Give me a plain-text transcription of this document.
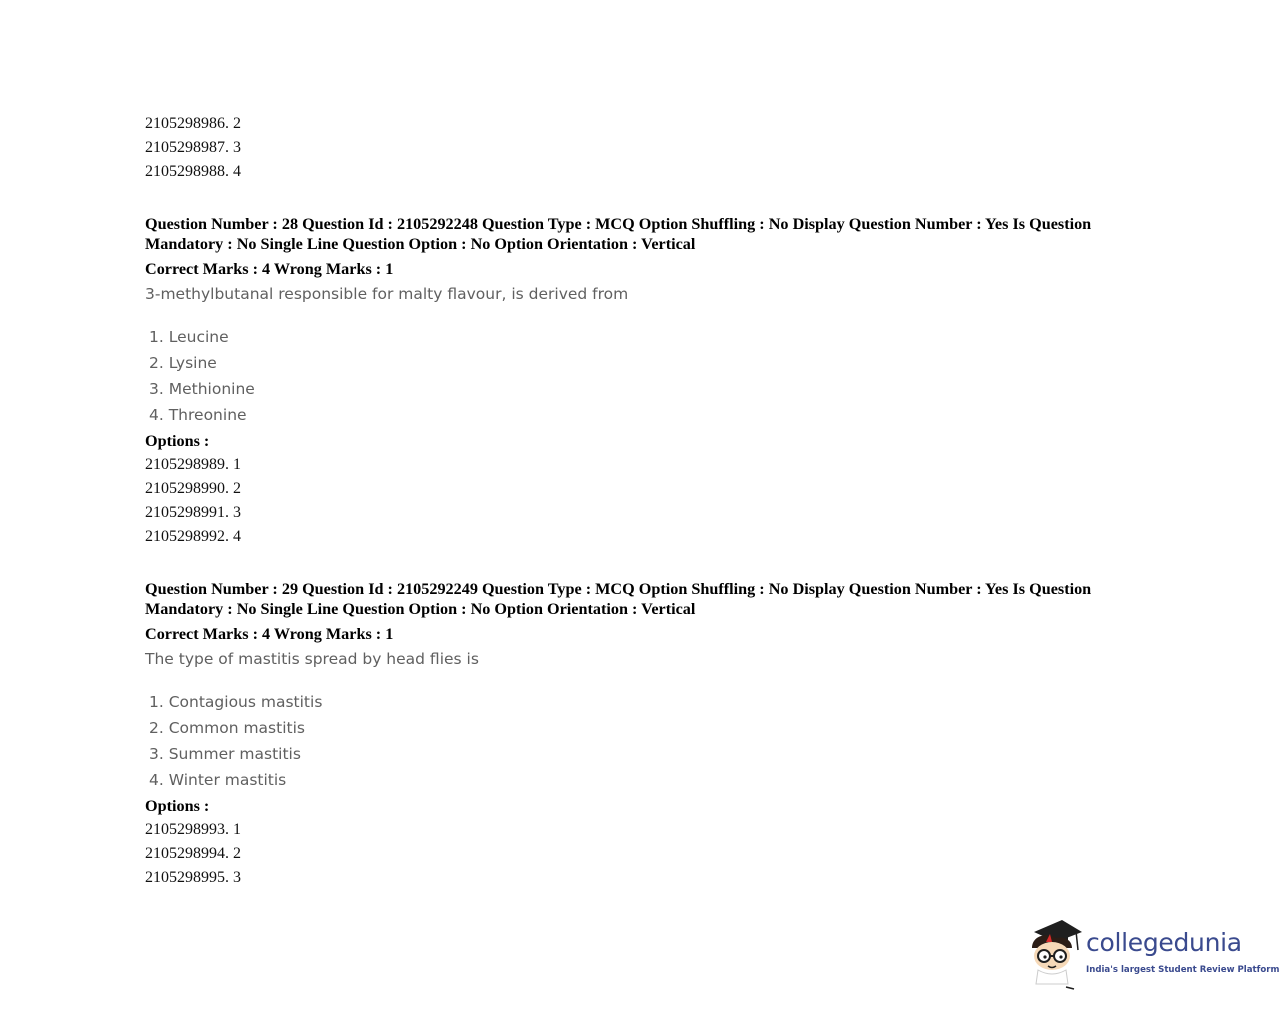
2105298986. 2
2105298987. 3
2105298988. 4
Question Number : 28 Question Id : 2105292248 Question Type : MCQ Option Shuffling : No Display Question Number : Yes Is Question Mandatory : No Single Line Question Option : No Option Orientation : Vertical
Correct Marks : 4 Wrong Marks : 1
3-methylbutanal responsible for malty flavour, is derived from
1. Leucine
2. Lysine
3. Methionine
4. Threonine
Options :
2105298989. 1
2105298990. 2
2105298991. 3
2105298992. 4
Question Number : 29 Question Id : 2105292249 Question Type : MCQ Option Shuffling : No Display Question Number : Yes Is Question Mandatory : No Single Line Question Option : No Option Orientation : Vertical
Correct Marks : 4 Wrong Marks : 1
The type of mastitis spread by head flies is
1. Contagious mastitis
2. Common mastitis
3. Summer mastitis
4. Winter mastitis
Options :
2105298993. 1
2105298994. 2
2105298995. 3
collegedunia
India's largest Student Review Platform
